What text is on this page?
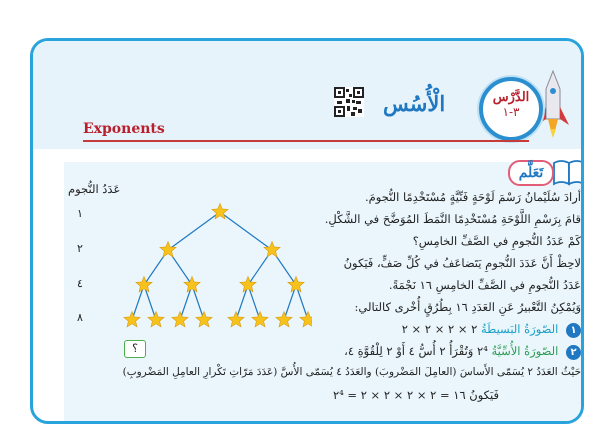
الدَّرْس
٣-١
الْأُسُس
Exponents
تَعَلَّم
عَدَدُ النُّجوم
١
٢
٤
٨
؟
أرادَ سُلَيْمانُ رَسْمَ لَوْحَةٍ فَنِّيَّةٍ مُسْتَخْدِمًا النُّجومَ.
قامَ بِرَسْمِ اللَّوْحَةِ مُسْتَخْدِمًا النَّمَطَ المُوَضَّحَ في الشَّكْلِ.
كَمْ عَدَدُ النُّجومِ في الصَّفِّ الخامِسِ؟
لاحِظْ أَنَّ عَدَدَ النُّجومِ يَتَضاعَفُ في كُلِّ صَفٍّ، فَيَكونُ
عَدَدُ النُّجومِ في الصَّفِّ الخامِسِ ١٦ نَجْمَةً.
وَيُمْكِنُ التَّعْبيرُ عَنِ العَدَدِ ١٦ بِطُرُقٍ أُخْرى كالتالي:
١ الصّورَةُ البَسيطَةُ ٢ × ٢ × ٢ × ٢
٢ الصّورَةُ الأُسِّيَّةُ ٢⁴ وَتُقْرَأُ ٢ أُسُّ ٤ أَوْ ٢ لِلْقُوَّةِ ٤،
حَيْثُ العَدَدُ ٢ يُسَمّى الأَساسَ (العامِلَ المَضْروبَ) والعَدَدُ ٤ يُسَمّى الأُسَّ (عَدَدَ مَرّاتِ تَكْرارِ العامِلِ المَضْروبِ)
فَيَكونُ ١٦ = ٢ × ٢ × ٢ × ٢ = ٢⁴
